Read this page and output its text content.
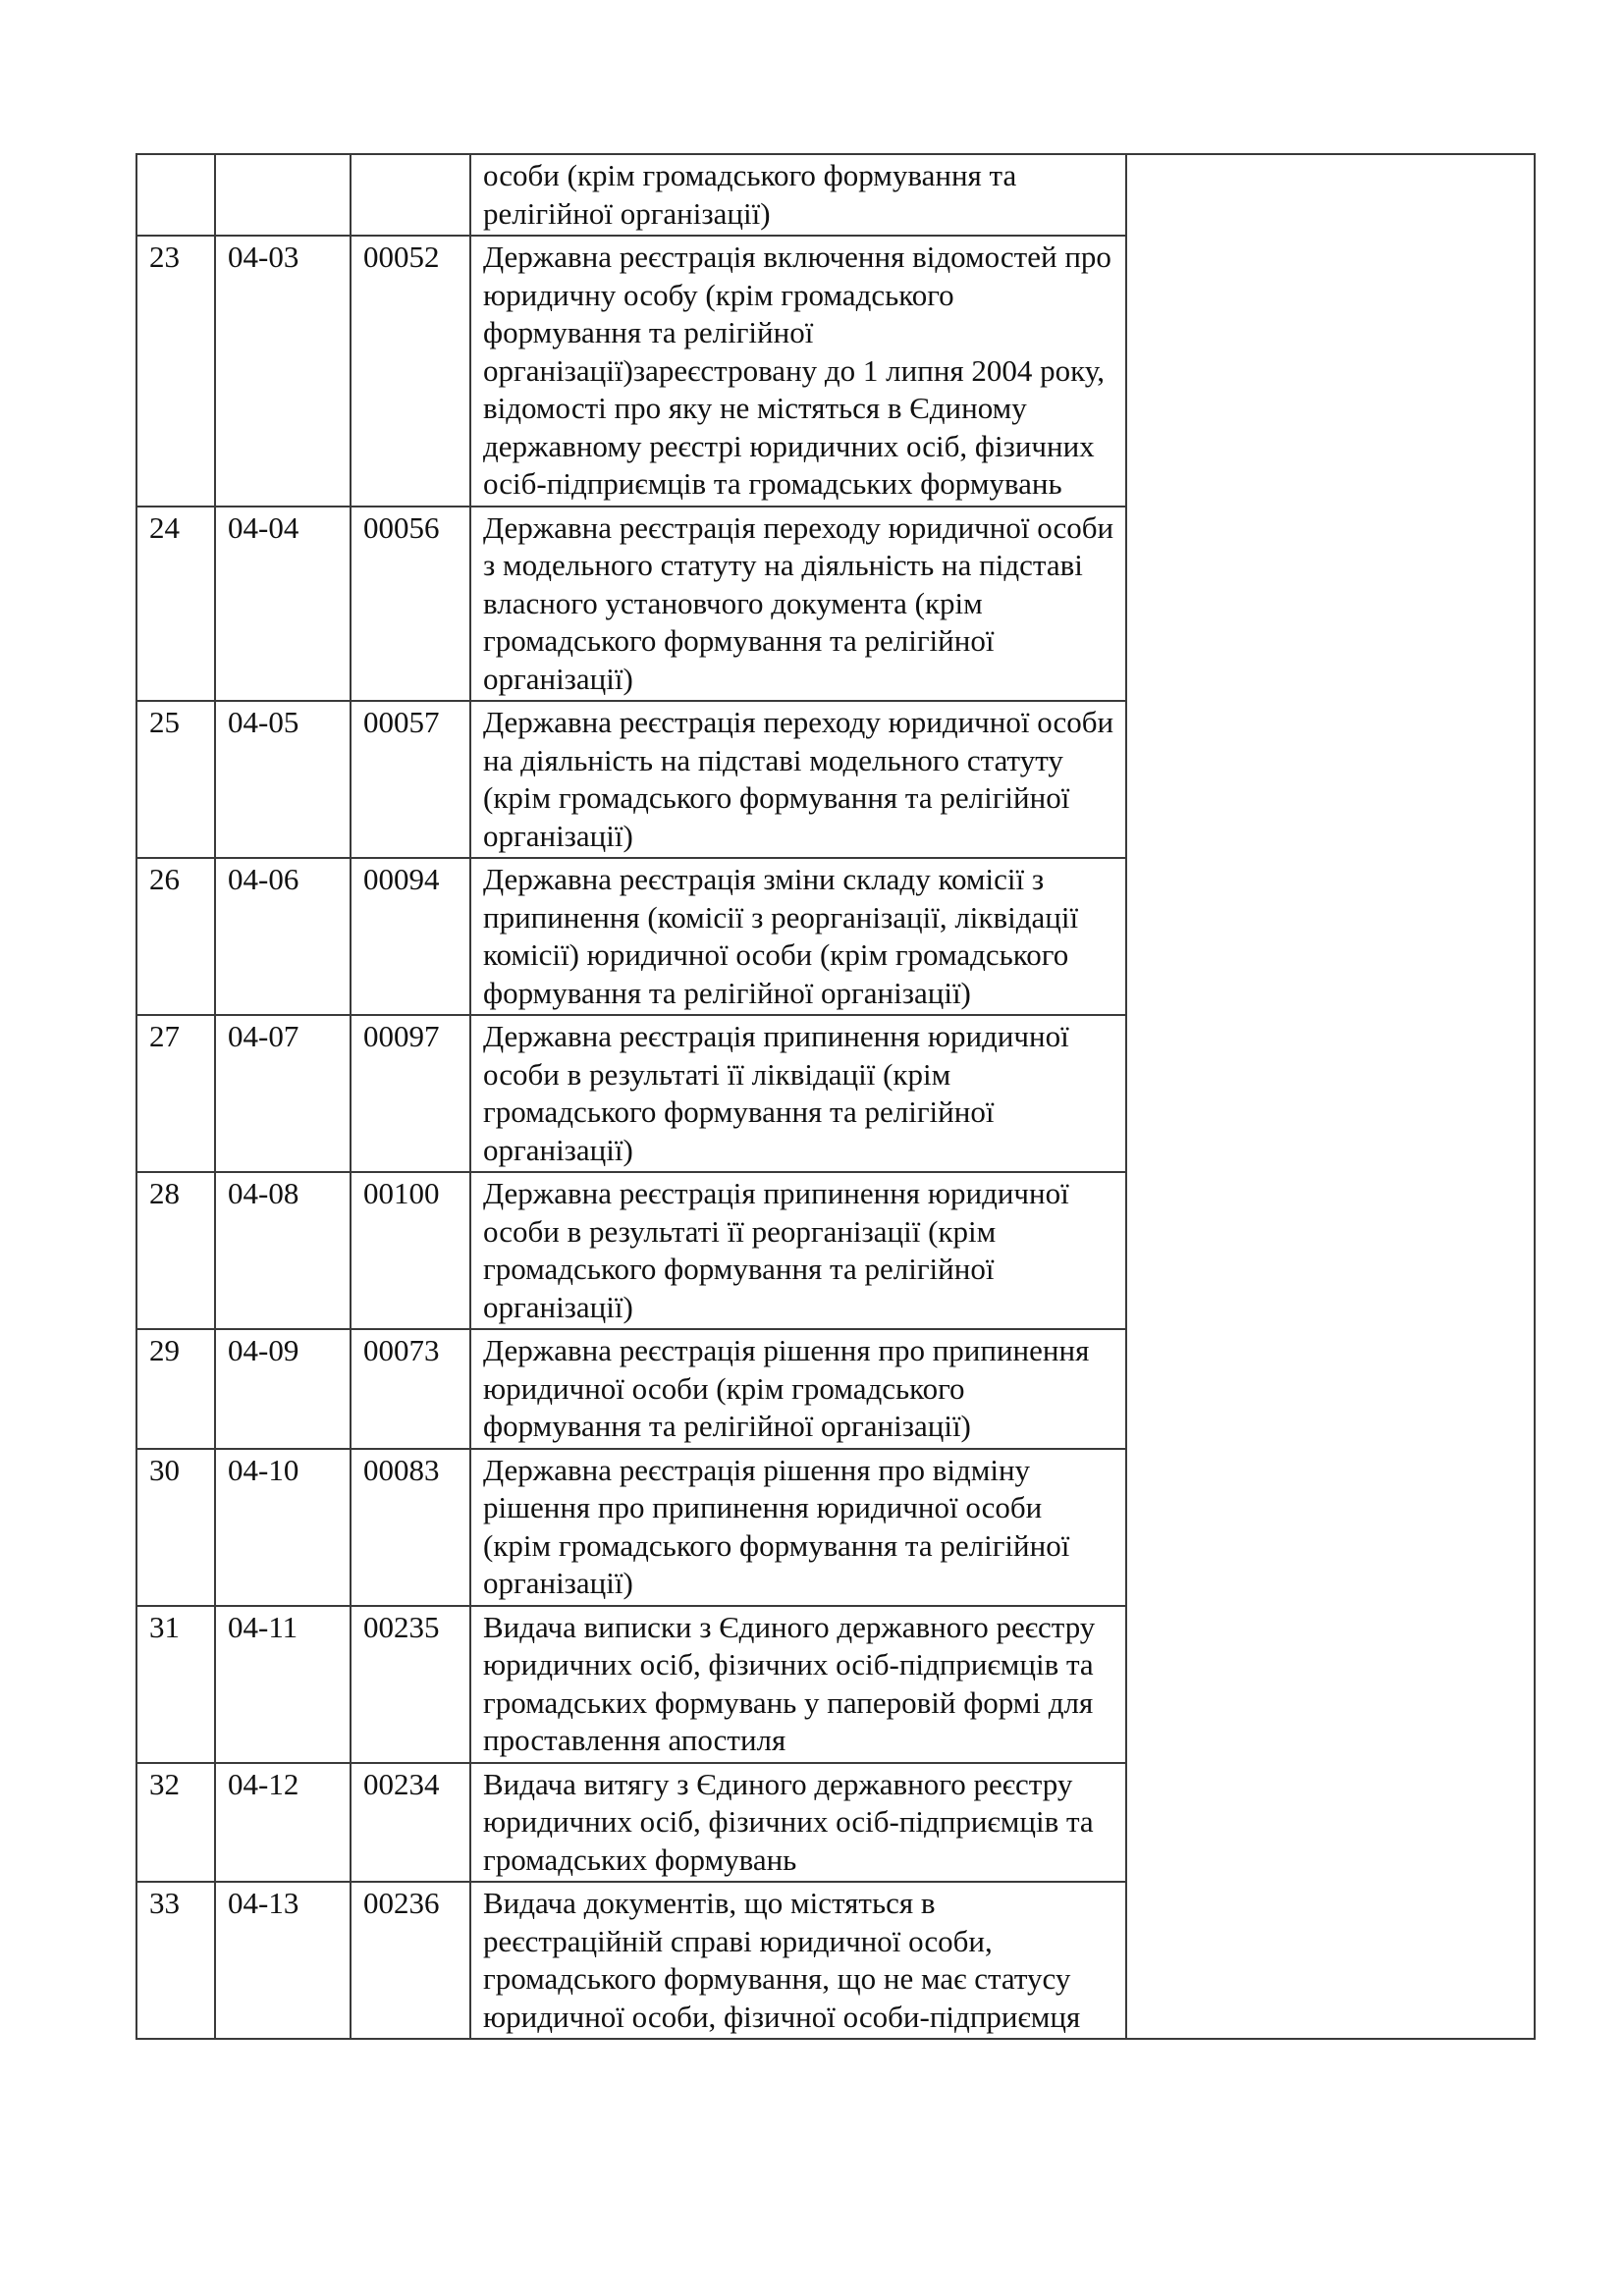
			особи (крім громадського формування та релігійної організації)	
23	04-03	00052	Державна реєстрація включення відомостей про юридичну особу (крім громадського формування та релігійної організації)зареєстровану до 1 липня 2004 року, відомості про яку не містяться в Єдиному державному реєстрі юридичних осіб, фізичних осіб-підприємців та громадських формувань	
24	04-04	00056	Державна реєстрація переходу юридичної особи з модельного статуту на діяльність на підставі власного установчого документа (крім громадського формування та релігійної організації)	
25	04-05	00057	Державна реєстрація переходу юридичної особи на діяльність на підставі модельного статуту (крім громадського формування та релігійної організації)	
26	04-06	00094	Державна реєстрація зміни складу комісії з припинення (комісії з реорганізації, ліквідації комісії) юридичної особи (крім громадського формування та релігійної організації)	
27	04-07	00097	Державна реєстрація припинення юридичної особи в результаті її ліквідації (крім громадського формування та релігійної організації)	
28	04-08	00100	Державна реєстрація припинення юридичної особи в результаті її реорганізації (крім громадського формування та релігійної організації)	
29	04-09	00073	Державна реєстрація рішення про припинення юридичної особи (крім громадського формування та релігійної організації)	
30	04-10	00083	Державна реєстрація рішення про відміну рішення про припинення юридичної особи (крім громадського формування та релігійної організації)	
31	04-11	00235	Видача виписки з Єдиного державного реєстру юридичних осіб, фізичних осіб-підприємців та громадських формувань у паперовій формі для проставлення апостиля	
32	04-12	00234	Видача витягу з Єдиного державного реєстру юридичних осіб, фізичних осіб-підприємців та громадських формувань	
33	04-13	00236	Видача документів, що містяться в реєстраційній справі юридичної особи, громадського формування, що не має статусу юридичної особи, фізичної особи-підприємця	
